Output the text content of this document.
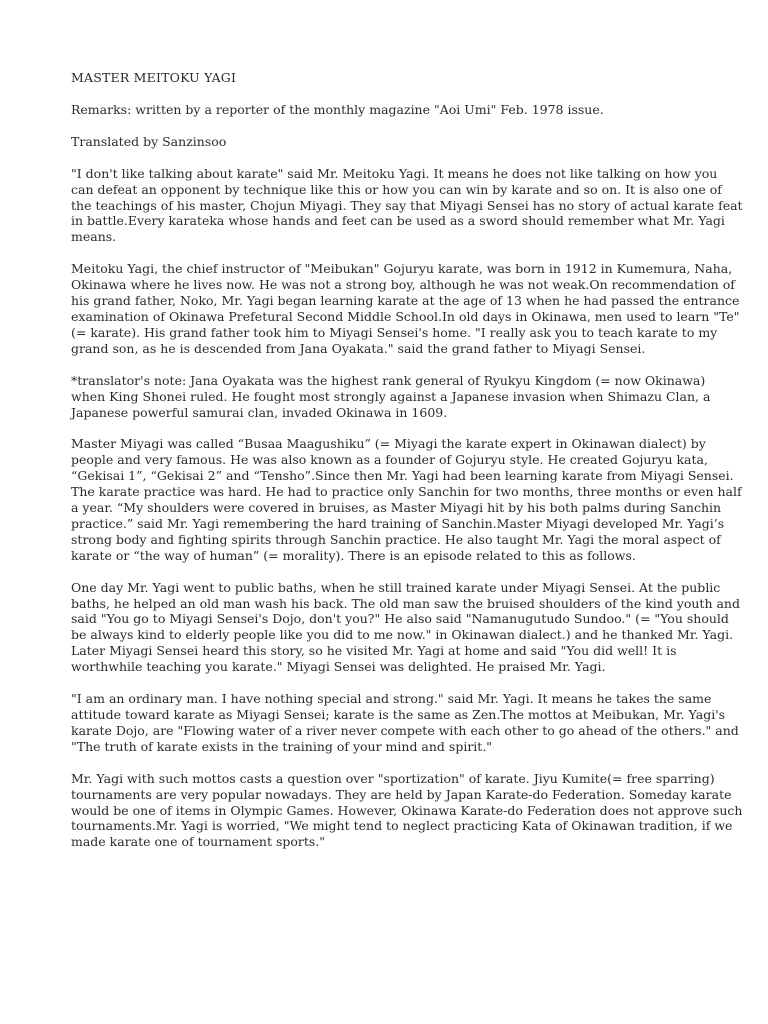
MASTER MEITOKU YAGI

Remarks: written by a reporter of the monthly magazine "Aoi Umi" Feb. 1978 issue.

Translated by Sanzinsoo

"I don't like talking about karate" said Mr. Meitoku Yagi. It means he does not like talking on how you can defeat an opponent by technique like this or how you can win by karate and so on. It is also one of the teachings of his master, Chojun Miyagi. They say that Miyagi Sensei has no story of actual karate feat in battle.Every karateka whose hands and feet can be used as a sword should remember what Mr. Yagi means.

Meitoku Yagi, the chief instructor of "Meibukan" Gojuryu karate, was born in 1912 in Kumemura, Naha, Okinawa where he lives now. He was not a strong boy, although he was not weak.On recommendation of his grand father, Noko, Mr. Yagi began learning karate at the age of 13 when he had passed the entrance examination of Okinawa Prefetural Second Middle School.In old days in Okinawa, men used to learn "Te" (= karate). His grand father took him to Miyagi Sensei's home. "I really ask you to teach karate to my grand son, as he is descended from Jana Oyakata." said the grand father to Miyagi Sensei.

*translator's note: Jana Oyakata was the highest rank general of Ryukyu Kingdom (= now Okinawa) when King Shonei ruled. He fought most strongly against a Japanese invasion when Shimazu Clan, a Japanese powerful samurai clan, invaded Okinawa in 1609.

Master Miyagi was called “Busaa Maagushiku” (= Miyagi the karate expert in Okinawan dialect) by people and very famous. He was also known as a founder of Gojuryu style. He created Gojuryu kata, “Gekisai 1”, “Gekisai 2” and “Tensho”.Since then Mr. Yagi had been learning karate from Miyagi Sensei. The karate practice was hard. He had to practice only Sanchin for two months, three months or even half a year. “My shoulders were covered in bruises, as Master Miyagi hit by his both palms during Sanchin practice.” said Mr. Yagi remembering the hard training of Sanchin.Master Miyagi developed Mr. Yagi’s strong body and fighting spirits through Sanchin practice. He also taught Mr. Yagi the moral aspect of karate or “the way of human” (= morality). There is an episode related to this as follows.

One day Mr. Yagi went to public baths, when he still trained karate under Miyagi Sensei. At the public baths, he helped an old man wash his back. The old man saw the bruised shoulders of the kind youth and said "You go to Miyagi Sensei's Dojo, don't you?" He also said "Namanugutudo Sundoo." (= "You should be always kind to elderly people like you did to me now." in Okinawan dialect.) and he thanked Mr. Yagi. Later Miyagi Sensei heard this story, so he visited Mr. Yagi at home and said "You did well! It is worthwhile teaching you karate." Miyagi Sensei was delighted. He praised Mr. Yagi.

"I am an ordinary man. I have nothing special and strong." said Mr. Yagi. It means he takes the same attitude toward karate as Miyagi Sensei; karate is the same as Zen.The mottos at Meibukan, Mr. Yagi's karate Dojo, are "Flowing water of a river never compete with each other to go ahead of the others." and "The truth of karate exists in the training of your mind and spirit."

Mr. Yagi with such mottos casts a question over "sportization" of karate. Jiyu Kumite(= free sparring) tournaments are very popular nowadays. They are held by Japan Karate-do Federation. Someday karate would be one of items in Olympic Games. However, Okinawa Karate-do Federation does not approve such tournaments.Mr. Yagi is worried, "We might tend to neglect practicing Kata of Okinawan tradition, if we made karate one of tournament sports."
